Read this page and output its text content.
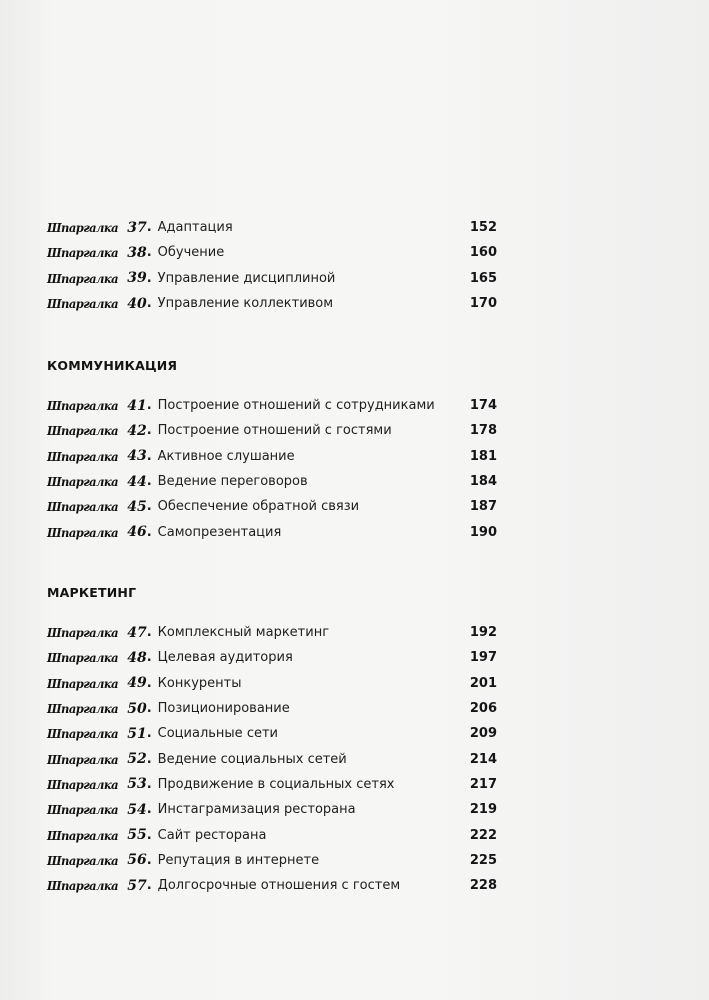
Шпаргалка 37 . Адаптация	152
Шпаргалка 38 . Обучение	160
Шпаргалка 39 . Управление дисциплиной	165
Шпаргалка 40 . Управление коллективом	170
КОММУНИКАЦИЯ
Шпаргалка 41 . Построение отношений с сотрудниками	174
Шпаргалка 42 . Построение отношений с гостями	178
Шпаргалка 43 . Активное слушание	181
Шпаргалка 44 . Ведение переговоров	184
Шпаргалка 45 . Обеспечение обратной связи	187
Шпаргалка 46 . Самопрезентация	190
МАРКЕТИНГ
Шпаргалка 47 . Комплексный маркетинг	192
Шпаргалка 48 . Целевая аудитория	197
Шпаргалка 49 . Конкуренты	201
Шпаргалка 50 . Позиционирование	206
Шпаргалка 51 . Социальные сети	209
Шпаргалка 52 . Ведение социальных сетей	214
Шпаргалка 53 . Продвижение в социальных сетях	217
Шпаргалка 54 . Инстаграмизация ресторана	219
Шпаргалка 55 . Сайт ресторана	222
Шпаргалка 56 . Репутация в интернете	225
Шпаргалка 57 . Долгосрочные отношения с гостем	228
